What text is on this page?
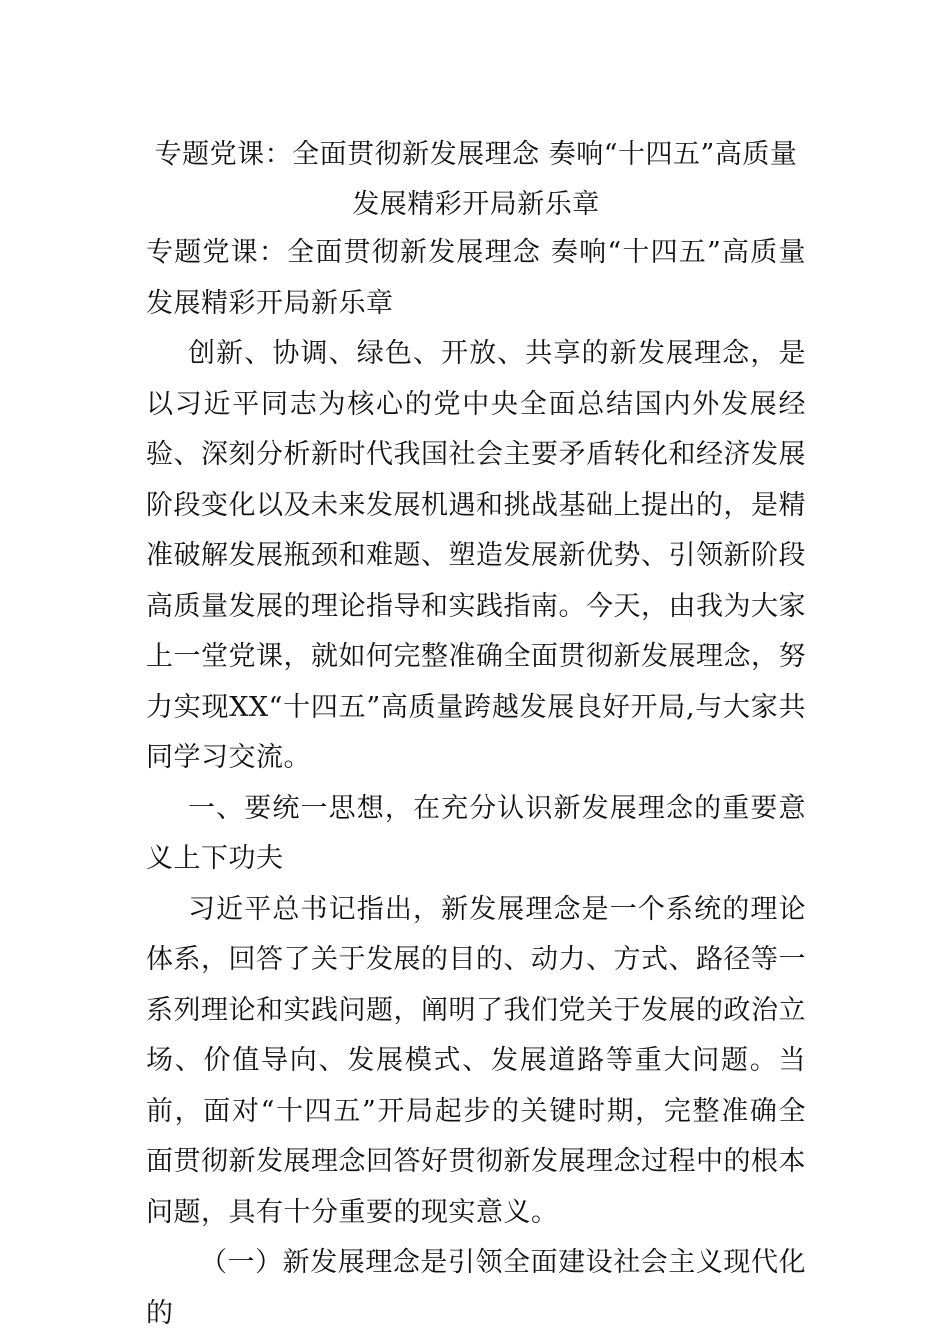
专题党课：全面贯彻新发展理念 奏响“十四五”高质量发展精彩开局新乐章

专题党课：全面贯彻新发展理念 奏响“十四五”高质量发展精彩开局新乐章

创新、协调、绿色、开放、共享的新发展理念，是以习近平同志为核心的党中央全面总结国内外发展经验、深刻分析新时代我国社会主要矛盾转化和经济发展阶段变化以及未来发展机遇和挑战基础上提出的，是精准破解发展瓶颈和难题、塑造发展新优势、引领新阶段高质量发展的理论指导和实践指南。今天，由我为大家上一堂党课，就如何完整准确全面贯彻新发展理念，努力实现XX“十四五”高质量跨越发展良好开局,与大家共同学习交流。

一、要统一思想，在充分认识新发展理念的重要意义上下功夫

习近平总书记指出，新发展理念是一个系统的理论体系，回答了关于发展的目的、动力、方式、路径等一系列理论和实践问题，阐明了我们党关于发展的政治立场、价值导向、发展模式、发展道路等重大问题。当前，面对“十四五”开局起步的关键时期，完整准确全面贯彻新发展理念回答好贯彻新发展理念过程中的根本问题，具有十分重要的现实意义。

（一）新发展理念是引领全面建设社会主义现代化的
